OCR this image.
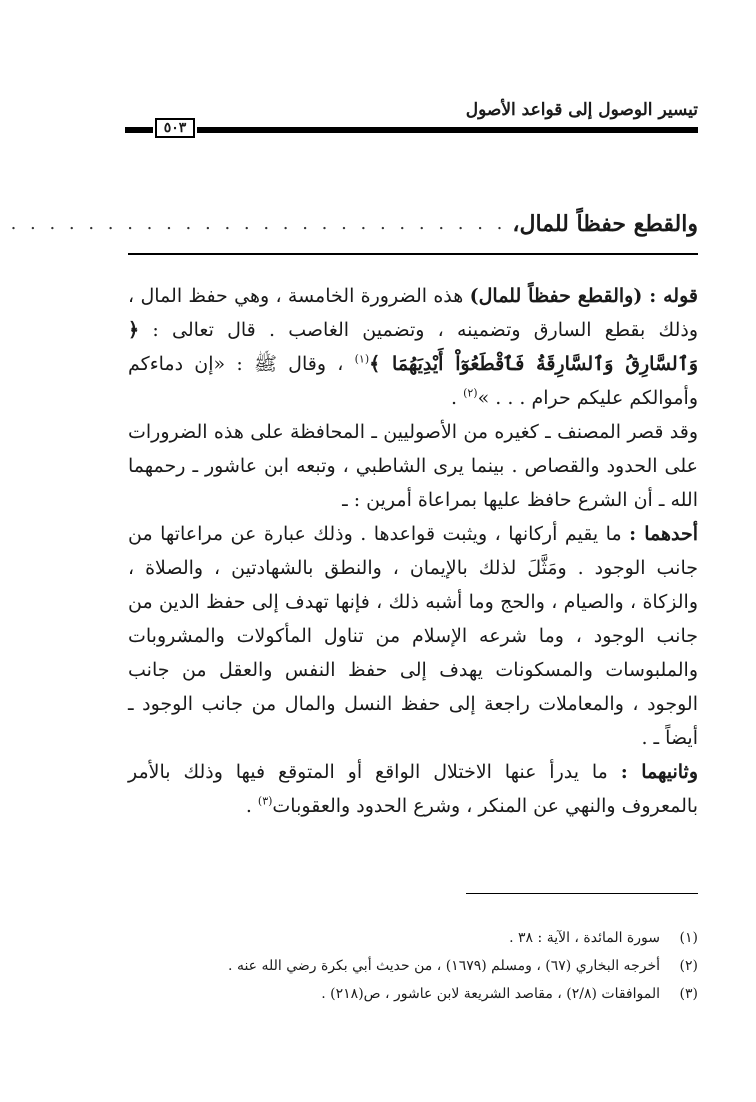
تيسير الوصول إلى قواعد الأصول
٥٠٣
والقطع حفظاً للمال،
. . . . . . . . . . . . . . . . . . . . . . . . . .

قوله : (والقطع حفظاً للمال) هذه الضرورة الخامسة ، وهي حفظ المال ، وذلك بقطع السارق وتضمينه ، وتضمين الغاصب . قال تعالى : ﴿ وَٱلسَّارِقُ وَٱلسَّارِقَةُ فَٱقْطَعُوٓاْ أَيْدِيَهُمَا ﴾$^{(١)}$ ، وقال ﷺ : «إن دماءكم وأموالكم عليكم حرام . . . »$^{(٢)}$ .

وقد قصر المصنف ـ كغيره من الأصوليين ـ المحافظة على هذه الضرورات على الحدود والقصاص . بينما يرى الشاطبي ، وتبعه ابن عاشور ـ رحمهما الله ـ أن الشرع حافظ عليها بمراعاة أمرين : ـ

أحدهما : ما يقيم أركانها ، ويثبت قواعدها . وذلك عبارة عن مراعاتها من جانب الوجود . ومَثَّلَ لذلك بالإيمان ، والنطق بالشهادتين ، والصلاة ، والزكاة ، والصيام ، والحج وما أشبه ذلك ، فإنها تهدف إلى حفظ الدين من جانب الوجود ، وما شرعه الإسلام من تناول المأكولات والمشروبات والملبوسات والمسكونات يهدف إلى حفظ النفس والعقل من جانب الوجود ، والمعاملات راجعة إلى حفظ النسل والمال من جانب الوجود ـ أيضاً ـ .

وثانيهما : ما يدرأ عنها الاختلال الواقع أو المتوقع فيها وذلك بالأمر بالمعروف والنهي عن المنكر ، وشرع الحدود والعقوبات$^{(٣)}$ .

(١)
سورة المائدة ، الآية : ٣٨ .
(٢)
أخرجه البخاري (٦٧) ، ومسلم (١٦٧٩) ، من حديث أبي بكرة رضي الله عنه .
(٣)
الموافقات (٢/٨) ، مقاصد الشريعة لابن عاشور ، ص(٢١٨) .
